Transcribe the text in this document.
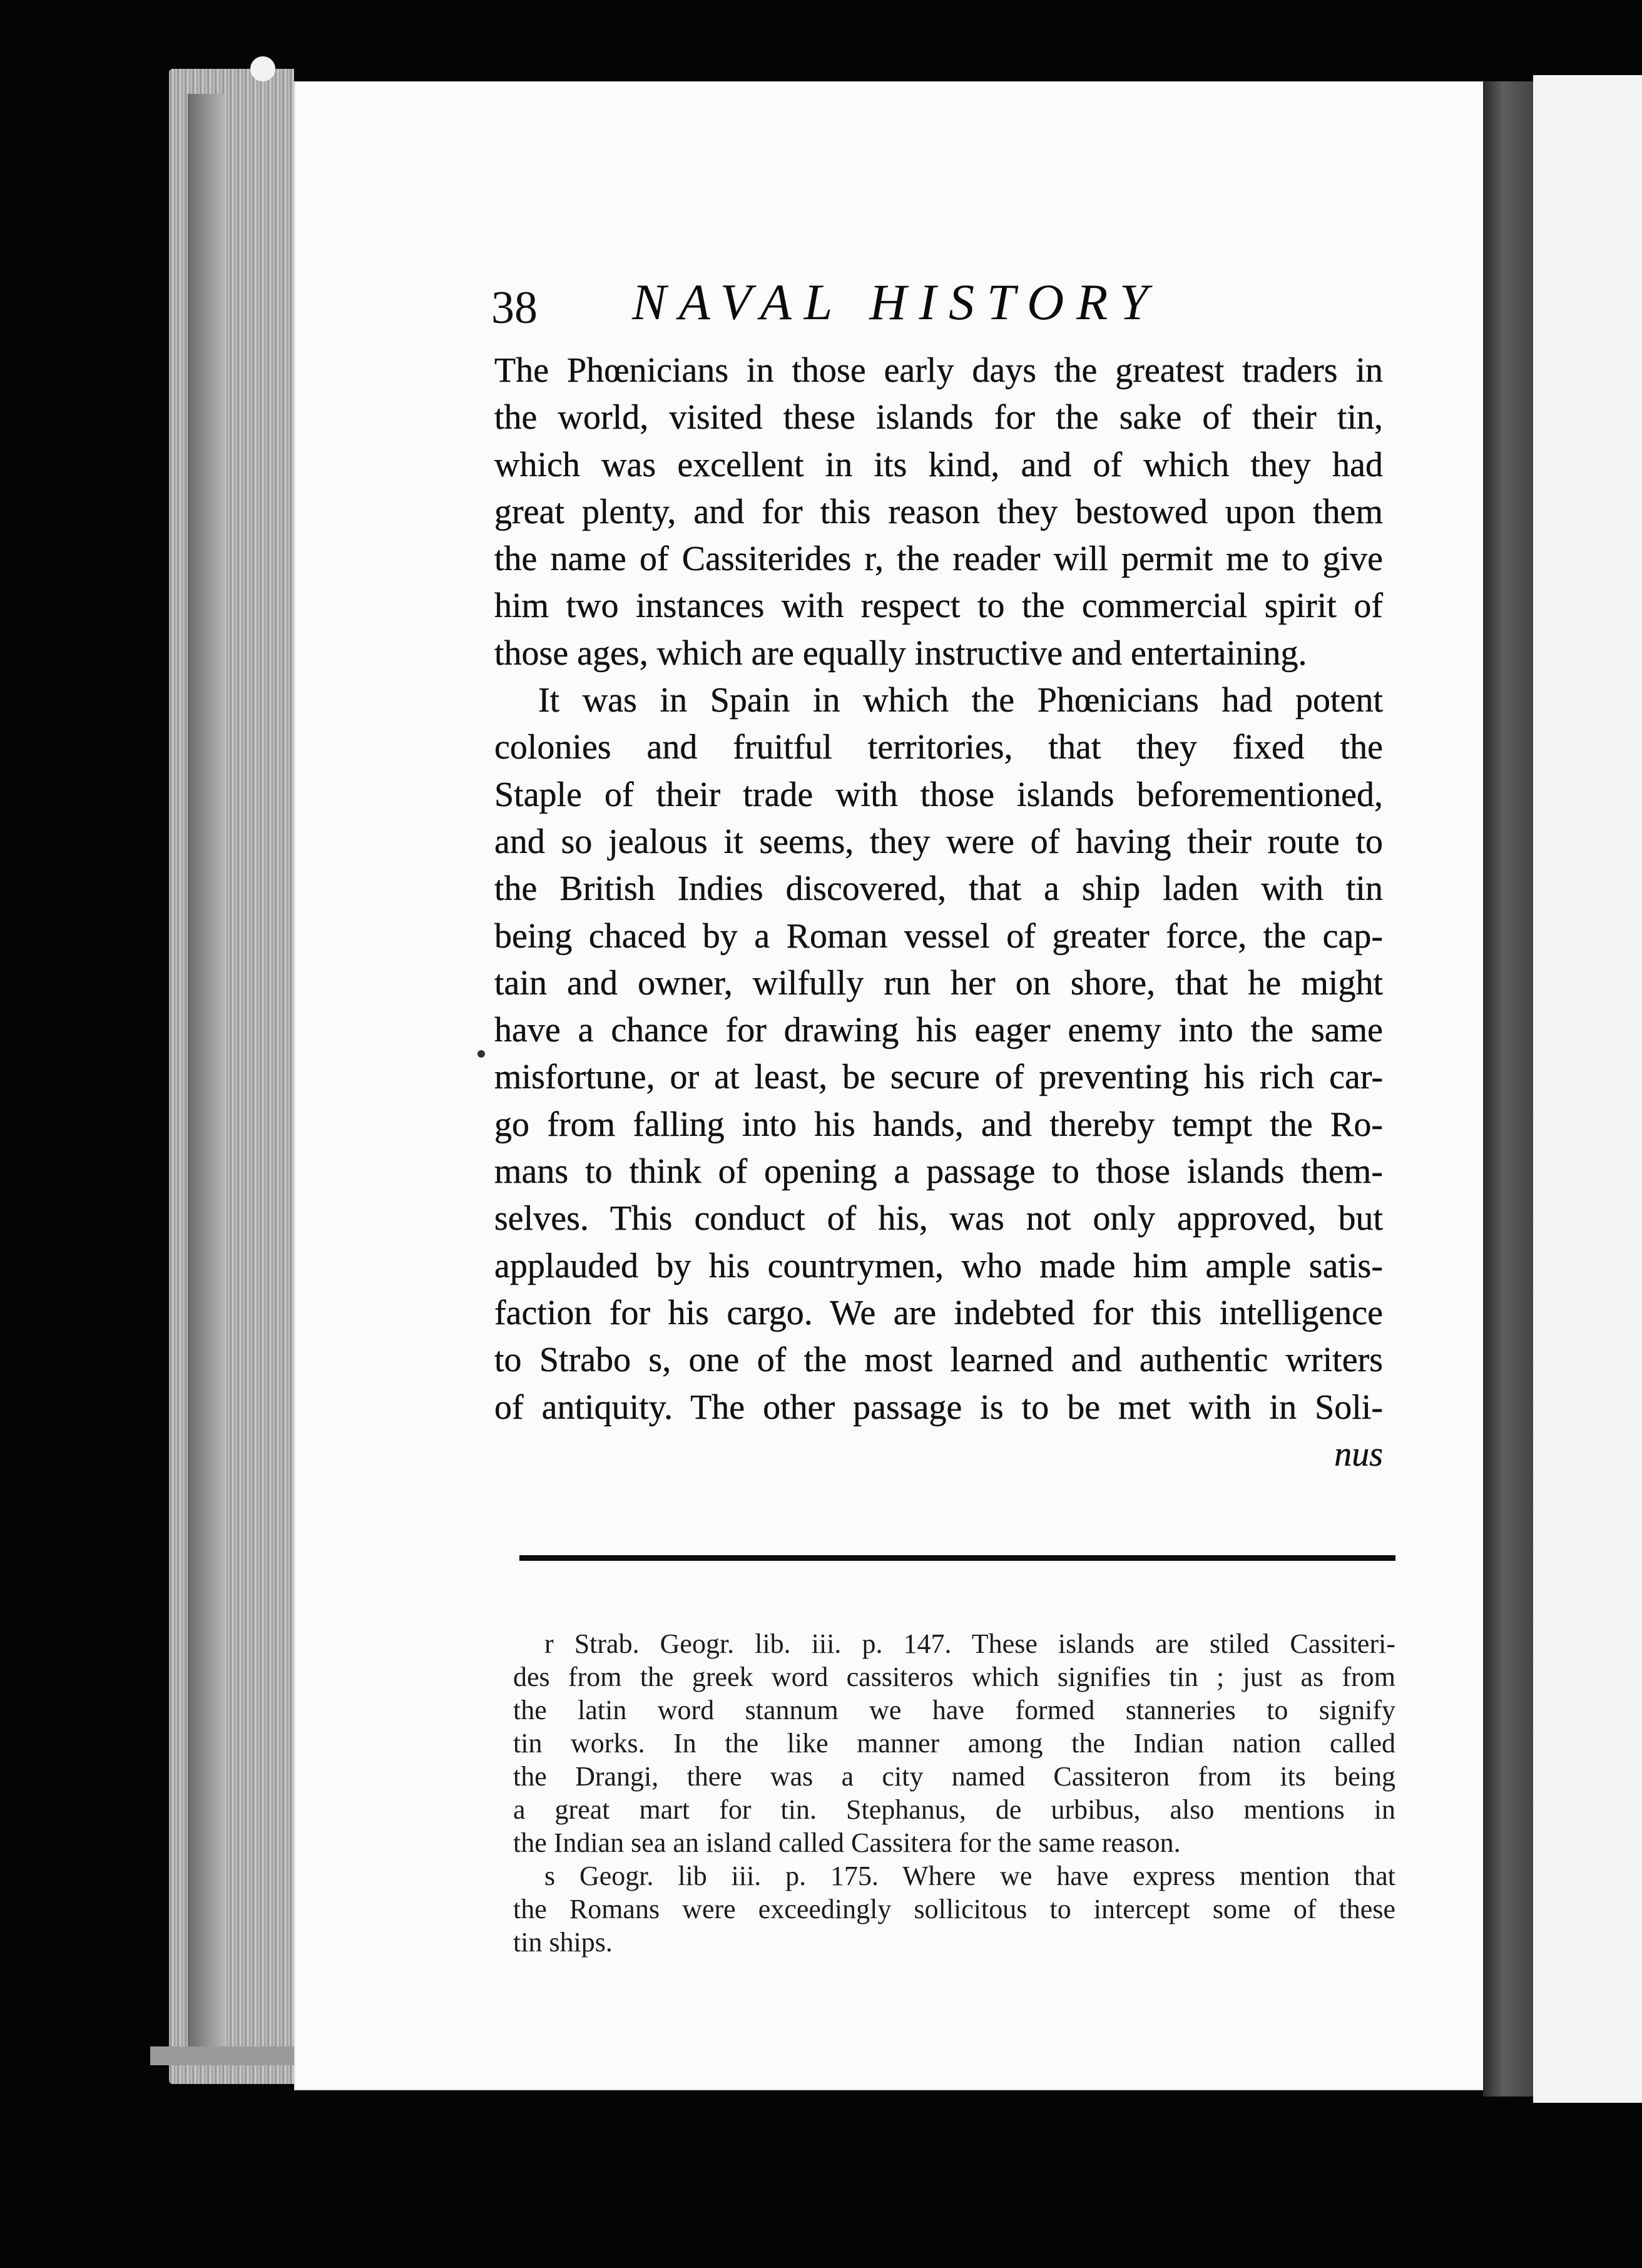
38 NAVAL HISTORY
The Phœnicians in those early days the greatest traders in
the world, visited these islands for the sake of their tin,
which was excellent in its kind, and of which they had
great plenty, and for this reason they bestowed upon them
the name of Cassiterides r, the reader will permit me to give
him two instances with respect to the commercial spirit of
those ages, which are equally instructive and entertaining.
It was in Spain in which the Phœnicians had potent
colonies and fruitful territories, that they fixed the
Staple of their trade with those islands beforementioned,
and so jealous it seems, they were of having their route to
the British Indies discovered, that a ship laden with tin
being chaced by a Roman vessel of greater force, the cap-
tain and owner, wilfully run her on shore, that he might
have a chance for drawing his eager enemy into the same
misfortune, or at least, be secure of preventing his rich car-
go from falling into his hands, and thereby tempt the Ro-
mans to think of opening a passage to those islands them-
selves. This conduct of his, was not only approved, but
applauded by his countrymen, who made him ample satis-
faction for his cargo. We are indebted for this intelligence
to Strabo s, one of the most learned and authentic writers
of antiquity. The other passage is to be met with in Soli-
nus
r Strab. Geogr. lib. iii. p. 147. These islands are stiled Cassiteri-
des from the greek word cassiteros which signifies tin ; just as from
the latin word stannum we have formed stanneries to signify
tin works. In the like manner among the Indian nation called
the Drangi, there was a city named Cassiteron from its being
a great mart for tin. Stephanus, de urbibus, also mentions in
the Indian sea an island called Cassitera for the same reason.
s Geogr. lib iii. p. 175. Where we have express mention that
the Romans were exceedingly sollicitous to intercept some of these
tin ships.
